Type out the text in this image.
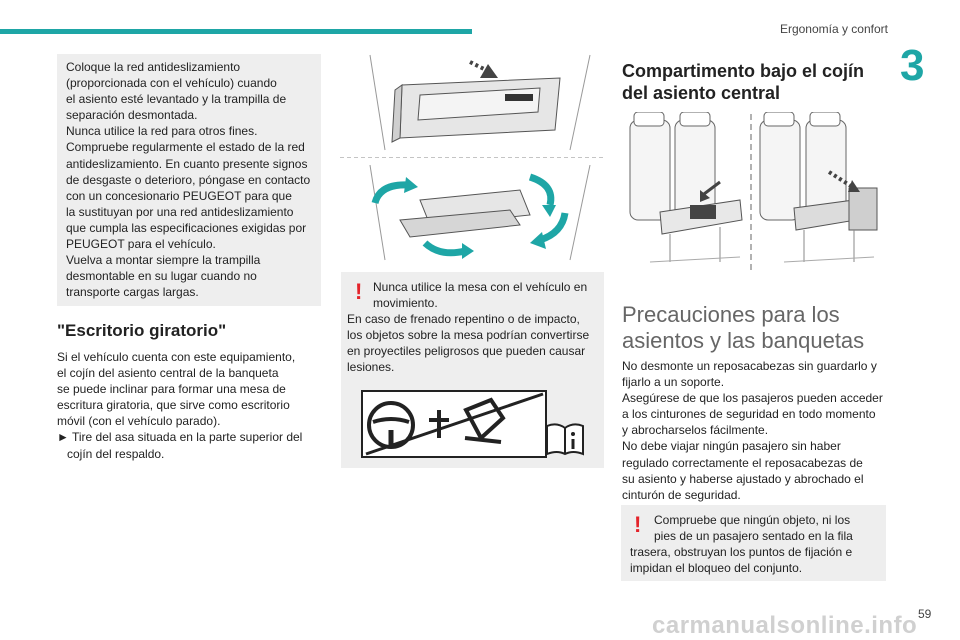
Ergonomía y confort
3

Coloque la red antideslizamiento

(proporcionada con el vehículo) cuando

el asiento esté levantado y la trampilla de

separación desmontada.

Nunca utilice la red para otros fines.

Compruebe regularmente el estado de la red

antideslizamiento. En cuanto presente signos

de desgaste o deterioro, póngase en contacto

con un concesionario PEUGEOT para que

la sustituyan por una red antideslizamiento

que cumpla las especificaciones exigidas por

PEUGEOT para el vehículo.

Vuelva a montar siempre la trampilla

desmontable en su lugar cuando no

transporte cargas largas.

"Escritorio giratorio"

Si el vehículo cuenta con este equipamiento,

el cojín del asiento central de la banqueta

se puede inclinar para formar una mesa de

escritura giratoria, que sirve como escritorio

móvil (con el vehículo parado).

► Tire del asa situada en la parte superior del

cojín del respaldo.

! Nunca utilice la mesa con el vehículo en

movimiento.

En caso de frenado repentino o de impacto,

los objetos sobre la mesa podrían convertirse

en proyectiles peligrosos que pueden causar

lesiones.

Compartimento bajo el cojín
del asiento central
Precauciones para los
asientos y las banquetas

No desmonte un reposacabezas sin guardarlo y

fijarlo a un soporte.

Asegúrese de que los pasajeros pueden acceder

a los cinturones de seguridad en todo momento

y abrocharselos fácilmente.

No debe viajar ningún pasajero sin haber

regulado correctamente el reposacabezas de

su asiento y haberse ajustado y abrochado el

cinturón de seguridad.

!	Compruebe que ningún objeto, ni los

pies de un pasajero sentado en la fila

trasera, obstruyan los puntos de fijación e

impidan el bloqueo del conjunto.

carmanualsonline.info 59
